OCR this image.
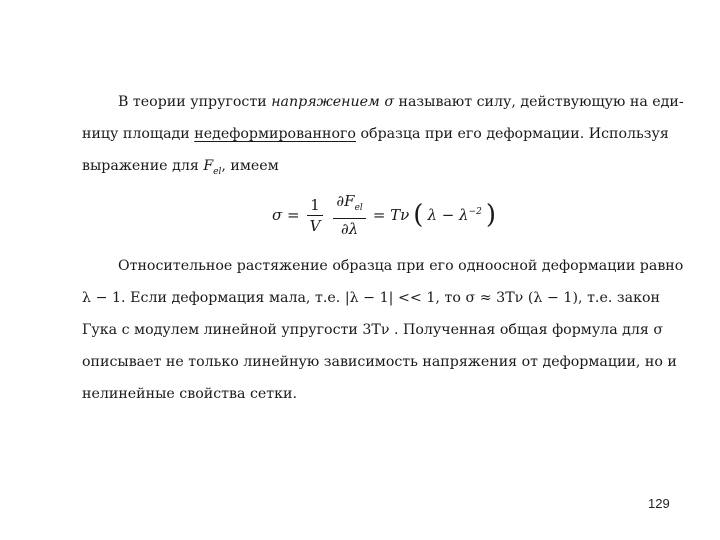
В теории упругости напряжением σ называют силу, действующую на еди-
ницу площади недеформированного образца при его деформации. Используя
выражение для $F_{el}$, имеем
$\sigma = \frac{1}{V} \frac{\partial F_{el}}{\partial\lambda} = T\nu$ ( $\lambda - \lambda^{-2}$ )
Относительное растяжение образца при его одноосной деформации равно
λ − 1. Если деформация мала, т.е. |λ − 1| << 1, то σ ≈ 3Tν (λ − 1), т.е. закон
Гука с модулем линейной упругости 3Tν . Полученная общая формула для σ
описывает не только линейную зависимость напряжения от деформации, но и
нелинейные свойства сетки.
129
